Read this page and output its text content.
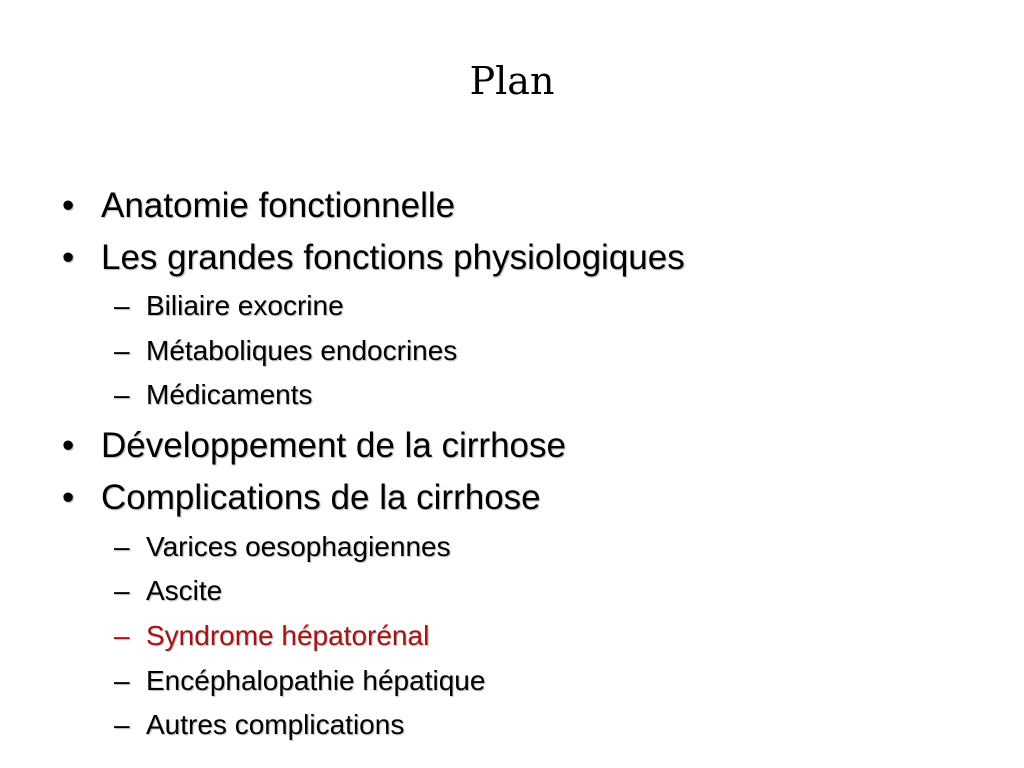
Plan
• Anatomie fonctionnelle
• Les grandes fonctions physiologiques
– Biliaire exocrine
– Métaboliques endocrines
– Médicaments
• Développement de la cirrhose
• Complications de la cirrhose
– Varices oesophagiennes
– Ascite
– Syndrome hépatorénal
– Encéphalopathie hépatique
– Autres complications
